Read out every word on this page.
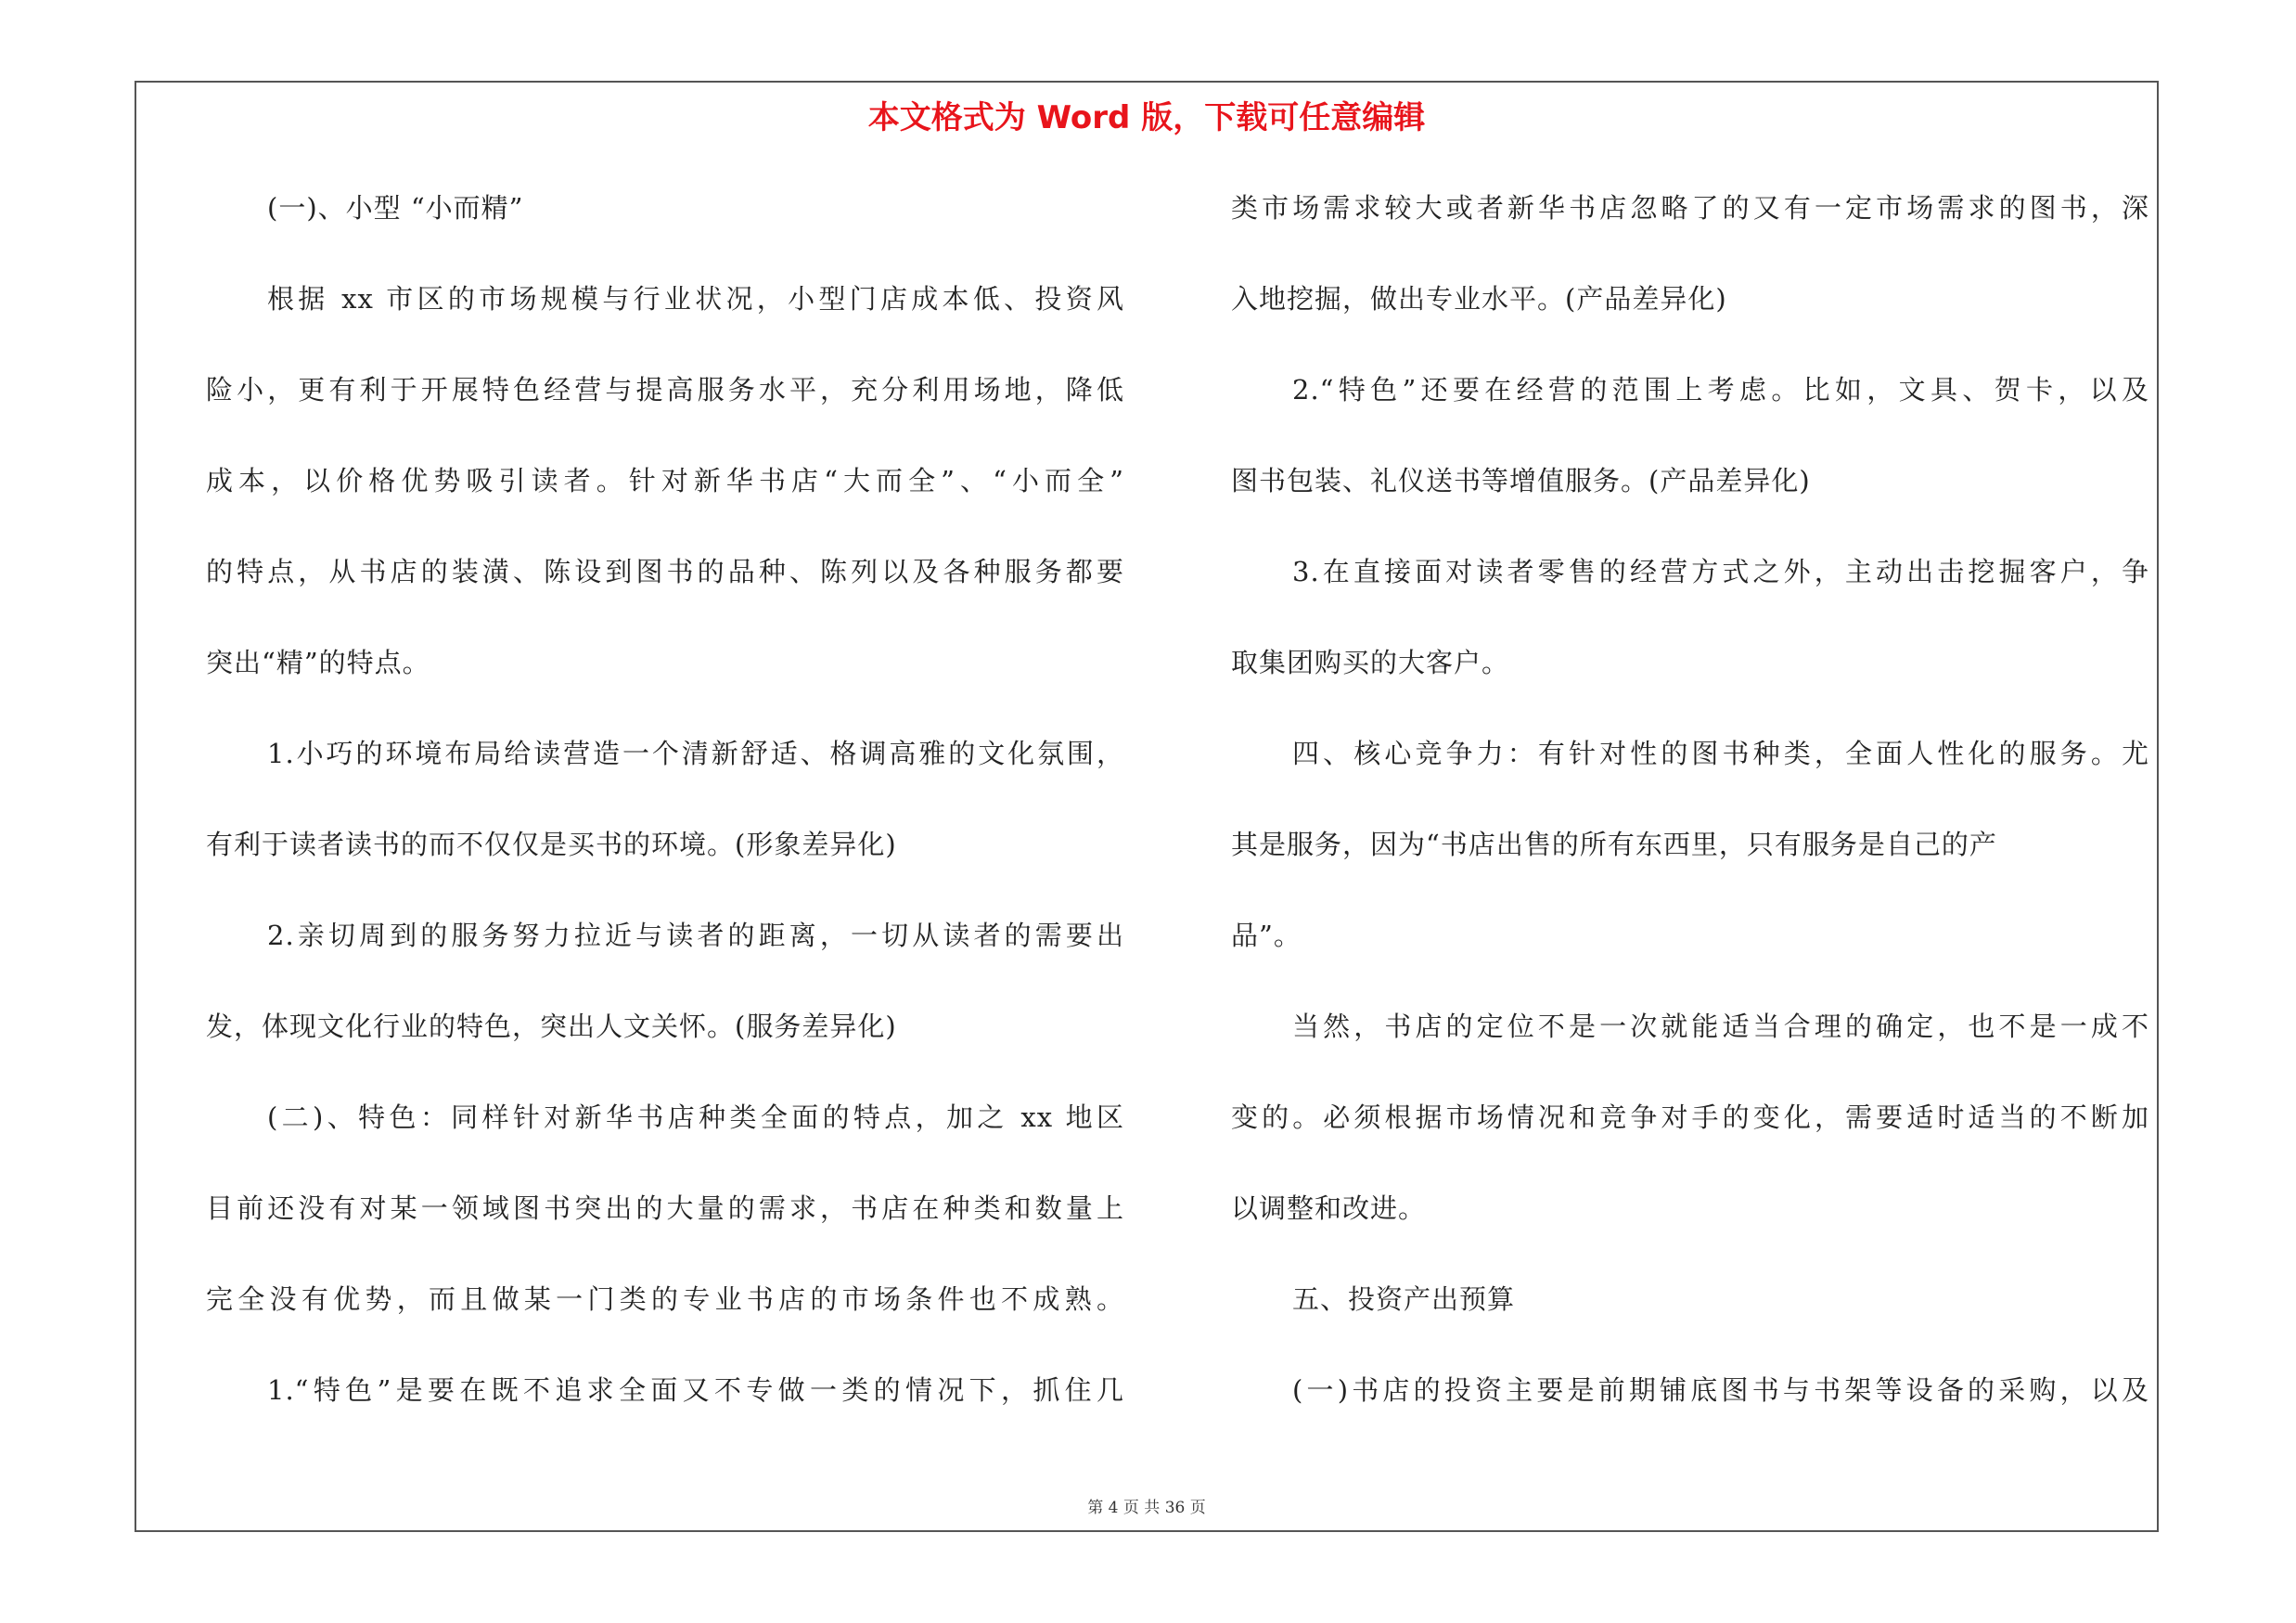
本文格式为 Word 版，下载可任意编辑
第 4 页 共 36 页
(一)、小型 “小而精”
根据 xx 市区的市场规模与行业状况，小型门店成本低、投资风
险小，更有利于开展特色经营与提高服务水平，充分利用场地，降低
成本，以价格优势吸引读者。针对新华书店“大而全”、“小而全”
的特点，从书店的装潢、陈设到图书的品种、陈列以及各种服务都要
突出“精”的特点。
1.小巧的环境布局给读营造一个清新舒适、格调高雅的文化氛围，
有利于读者读书的而不仅仅是买书的环境。(形象差异化)
2.亲切周到的服务努力拉近与读者的距离，一切从读者的需要出
发，体现文化行业的特色，突出人文关怀。(服务差异化)
(二)、特色：同样针对新华书店种类全面的特点，加之 xx 地区
目前还没有对某一领域图书突出的大量的需求，书店在种类和数量上
完全没有优势，而且做某一门类的专业书店的市场条件也不成熟。
1.“特色”是要在既不追求全面又不专做一类的情况下，抓住几
类市场需求较大或者新华书店忽略了的又有一定市场需求的图书，深
入地挖掘，做出专业水平。(产品差异化)
2.“特色”还要在经营的范围上考虑。比如，文具、贺卡，以及
图书包装、礼仪送书等增值服务。(产品差异化)
3.在直接面对读者零售的经营方式之外，主动出击挖掘客户，争
取集团购买的大客户。
四、核心竞争力：有针对性的图书种类，全面人性化的服务。尤
其是服务，因为“书店出售的所有东西里，只有服务是自己的产
品”。
当然，书店的定位不是一次就能适当合理的确定，也不是一成不
变的。必须根据市场情况和竞争对手的变化，需要适时适当的不断加
以调整和改进。
五、投资产出预算
(一)书店的投资主要是前期铺底图书与书架等设备的采购，以及
